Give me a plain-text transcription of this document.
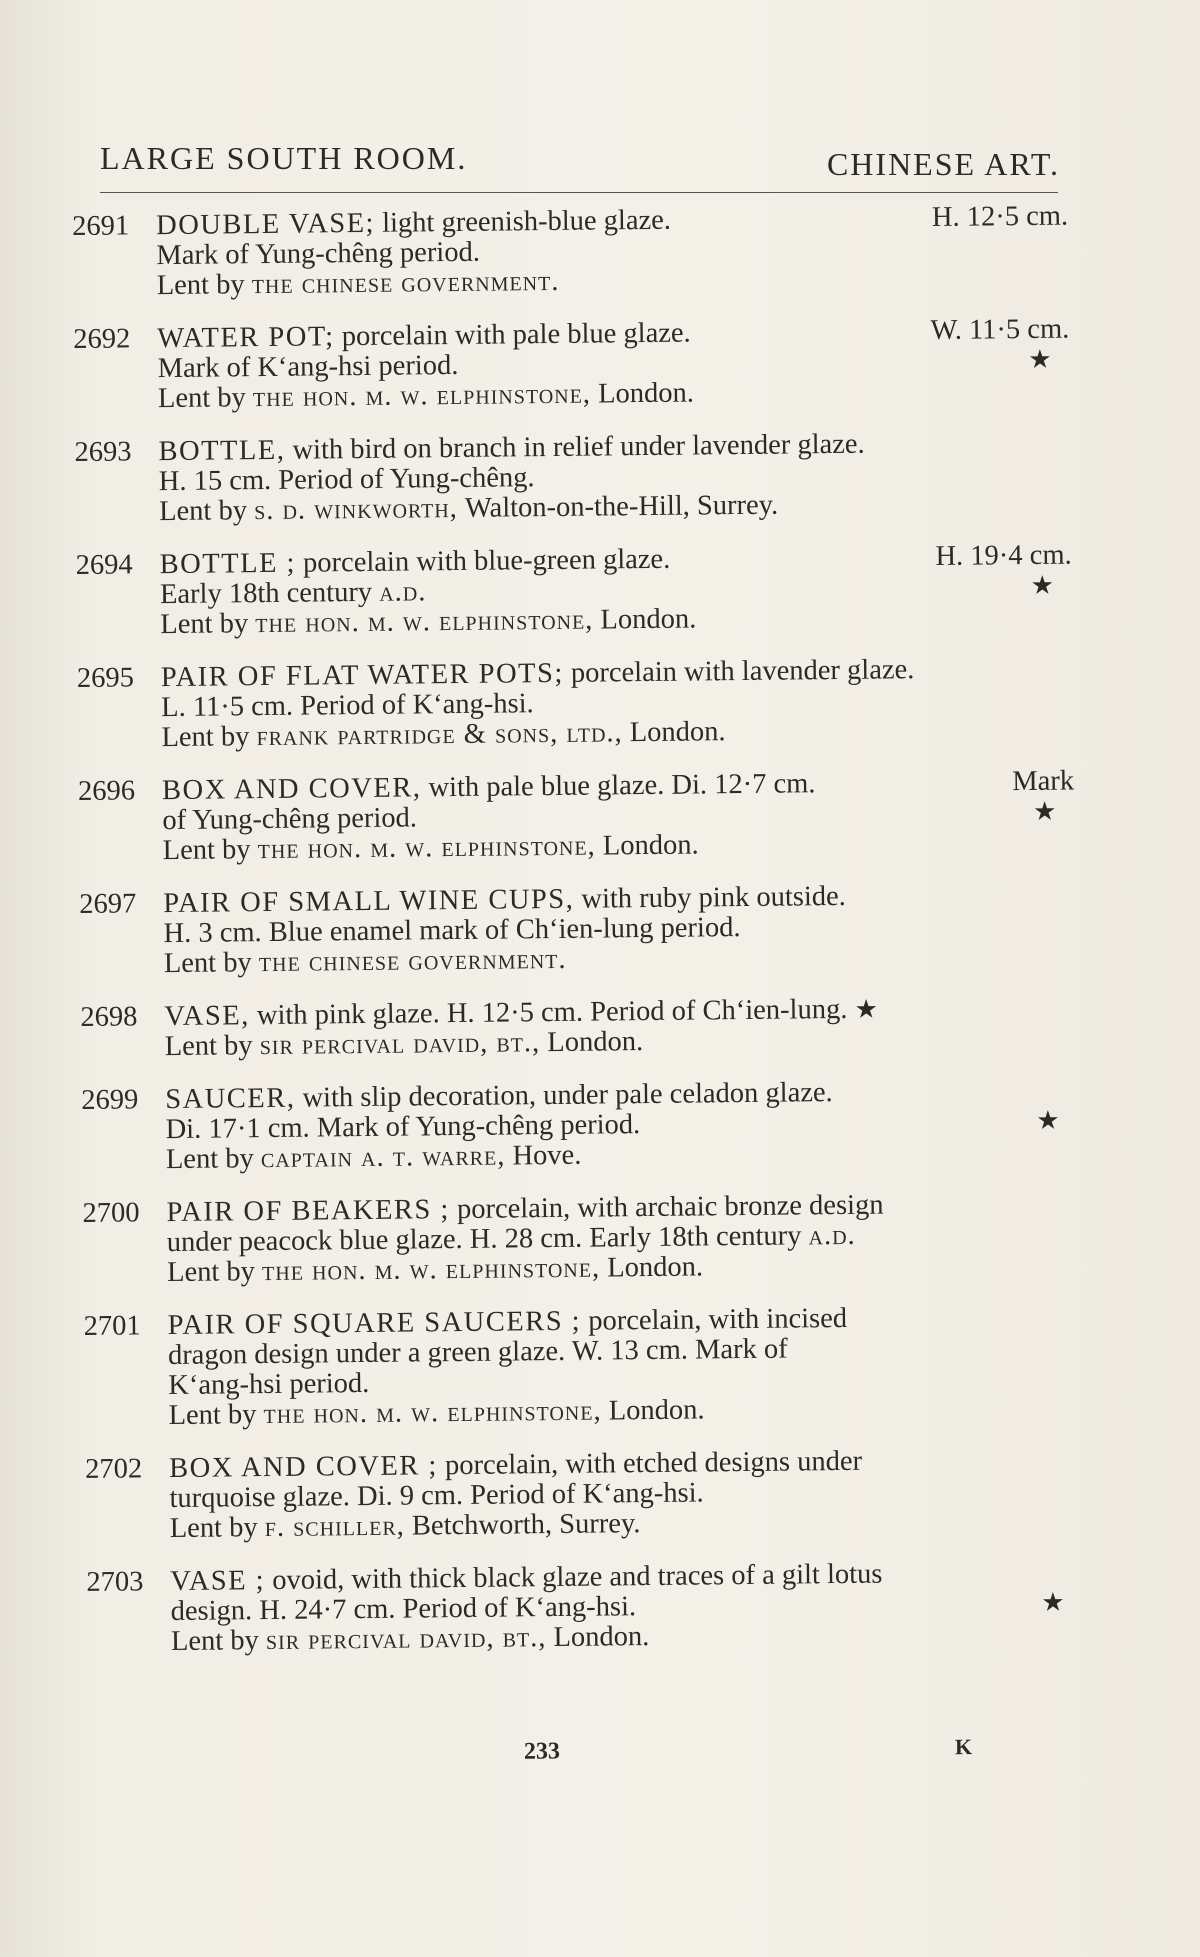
LARGE SOUTH ROOM.	CHINESE ART.
2691 DOUBLE VASE; light greenish-blue glaze.	H. 12·5 cm.
Mark of Yung-chêng period.
Lent by
the chinese government.
2692 WATER POT; porcelain with pale blue glaze.	W. 11·5 cm.
Mark of K‘ang-hsi period.	★
Lent by
the hon. m. w. elphinstone,
London.
2693 BOTTLE,
with bird on branch in relief under lavender glaze.
H. 15 cm. Period of Yung-chêng.
Lent by
s. d. winkworth,
Walton-on-the-Hill, Surrey.
2694 BOTTLE ; porcelain with blue-green glaze.	H. 19·4 cm.
Early 18th century a.d.	★
Lent by
the hon. m. w. elphinstone,
London.
2695 PAIR OF FLAT WATER POTS;
porcelain with lavender glaze.
L. 11·5 cm. Period of K‘ang-hsi.
Lent by
frank partridge & sons, ltd.,
London.
2696 BOX AND COVER, with pale blue glaze. Di. 12·7 cm.	Mark
of Yung-chêng period.	★
Lent by
the hon. m. w. elphinstone,
London.
2697 PAIR OF SMALL WINE CUPS,
with ruby pink outside.
H. 3 cm. Blue enamel mark of Ch‘ien-lung period.
Lent by
the chinese government.
2698 VASE,
with pink glaze. H. 12·5 cm. Period of Ch‘ien-lung.
★
Lent by
sir percival david, bt.,
London.
2699 SAUCER,
with slip decoration, under pale celadon glaze.
Di. 17·1 cm. Mark of Yung-chêng period.	★
Lent by
captain a. t. warre,
Hove.
2700 PAIR OF BEAKERS ;
porcelain, with archaic bronze design
under peacock blue glaze. H. 28 cm. Early 18th century
a.d.
Lent by
the hon. m. w. elphinstone,
London.
2701 PAIR OF SQUARE SAUCERS ;
porcelain, with incised
dragon design under a green glaze. W. 13 cm. Mark of
K‘ang-hsi period.
Lent by
the hon. m. w. elphinstone,
London.
2702 BOX AND COVER ;
porcelain, with etched designs under
turquoise glaze. Di. 9 cm. Period of K‘ang-hsi.
Lent by
f. schiller,
Betchworth, Surrey.
2703 VASE ;
ovoid, with thick black glaze and traces of a gilt lotus
design. H. 24·7 cm. Period of K‘ang-hsi.	★
Lent by
sir percival david, bt.,
London.
233	K
